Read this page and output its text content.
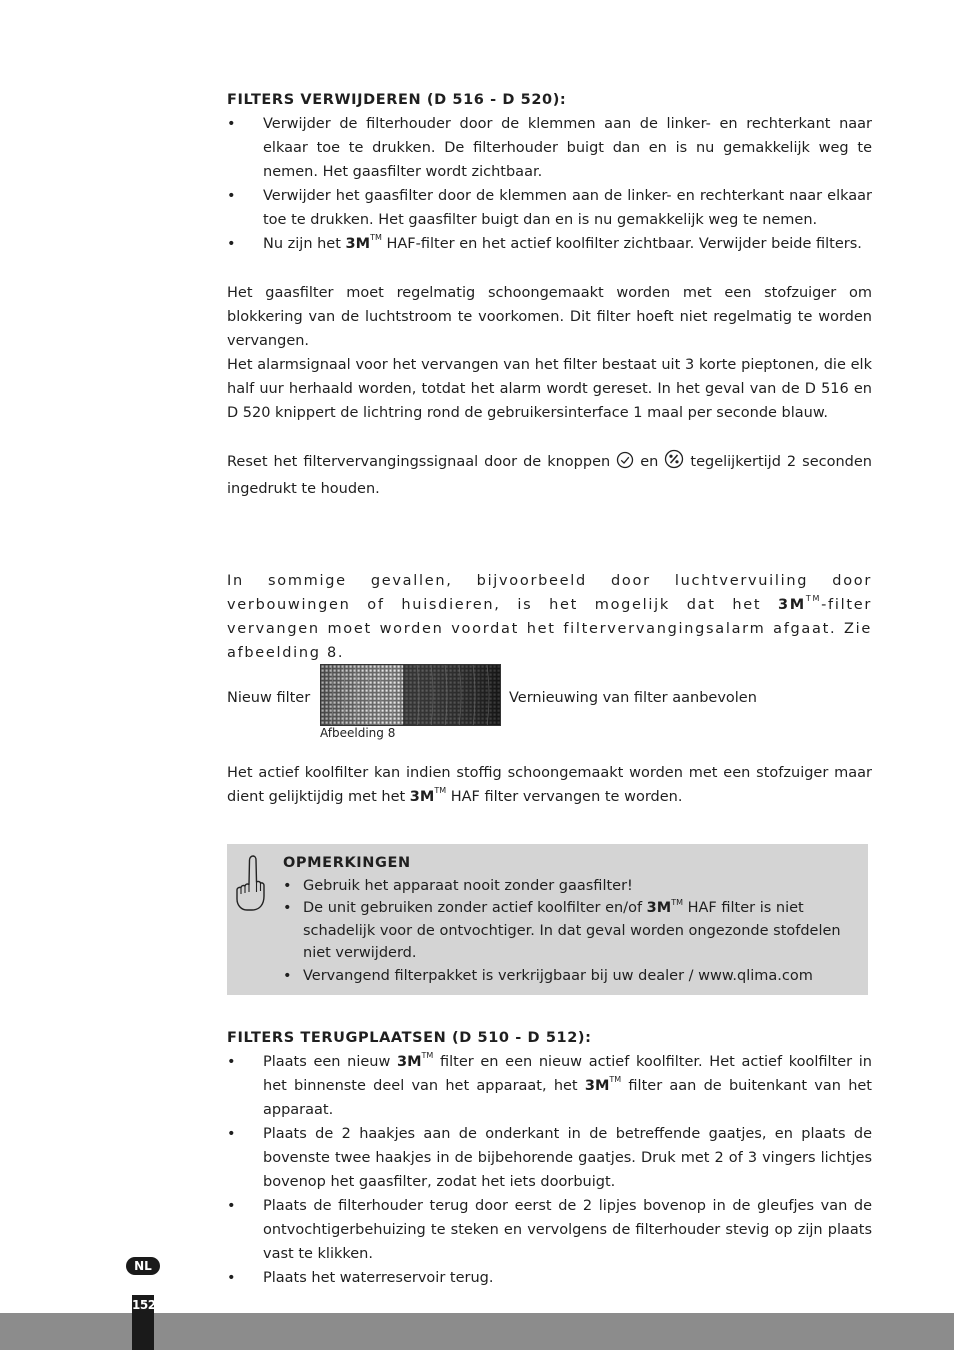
FILTERS VERWIJDEREN (D 516 - D 520):
• Verwijder de filterhouder door de klemmen aan de linker- en rechterkant naar elkaar toe te drukken. De filterhouder buigt dan en is nu gemakkelijk weg te nemen. Het gaasfilter wordt zichtbaar.
• Verwijder het gaasfilter door de klemmen aan de linker- en rechterkant naar elkaar toe te drukken. Het gaasfilter buigt dan en is nu gemakkelijk weg te nemen.
• Nu zijn het 3M™ HAF-filter en het actief koolfilter zichtbaar. Verwijder beide filters.
Het gaasfilter moet regelmatig schoongemaakt worden met een stofzuiger om blokkering van de luchtstroom te voorkomen. Dit filter hoeft niet regelmatig te worden vervangen.
Het alarmsignaal voor het vervangen van het filter bestaat uit 3 korte pieptonen, die elk half uur herhaald worden, totdat het alarm wordt gereset. In het geval van de D 516 en D 520 knippert de lichtring rond de gebruikersinterface 1 maal per seconde blauw.
Reset het filtervervangingssignaal door de knoppen  en  tegelijkertijd 2 seconden ingedrukt te houden.
In sommige gevallen, bijvoorbeeld door luchtvervuiling door verbouwingen of huisdieren, is het mogelijk dat het 3M™-filter vervangen moet worden voordat het filtervervangingsalarm afgaat. Zie afbeelding 8.
Nieuw filter	Vernieuwing van filter aanbevolen
Afbeelding 8
Het actief koolfilter kan indien stoffig schoongemaakt worden met een stofzuiger maar dient gelijktijdig met het 3M™ HAF filter vervangen te worden.
OPMERKINGEN
• Gebruik het apparaat nooit zonder gaasfilter!
• De unit gebruiken zonder actief koolfilter en/of 3M™ HAF filter is niet schadelijk voor de ontvochtiger. In dat geval worden ongezonde stofdelen niet verwijderd.
• Vervangend filterpakket is verkrijgbaar bij uw dealer / www.qlima.com
FILTERS TERUGPLAATSEN (D 510 - D 512):
• Plaats een nieuw 3M™ filter en een nieuw actief koolfilter. Het actief koolfilter in het binnenste deel van het apparaat, het 3M™ filter aan de buitenkant van het apparaat.
• Plaats de 2 haakjes aan de onderkant in de betreffende gaatjes, en plaats de bovenste twee haakjes in de bijbehorende gaatjes. Druk met 2 of 3 vingers lichtjes bovenop het gaasfilter, zodat het iets doorbuigt.
• Plaats de filterhouder terug door eerst de 2 lipjes bovenop in de gleufjes van de ontvochtigerbehuizing te steken en vervolgens de filterhouder stevig op zijn plaats vast te klikken.
• Plaats het waterreservoir terug.
NL
152
